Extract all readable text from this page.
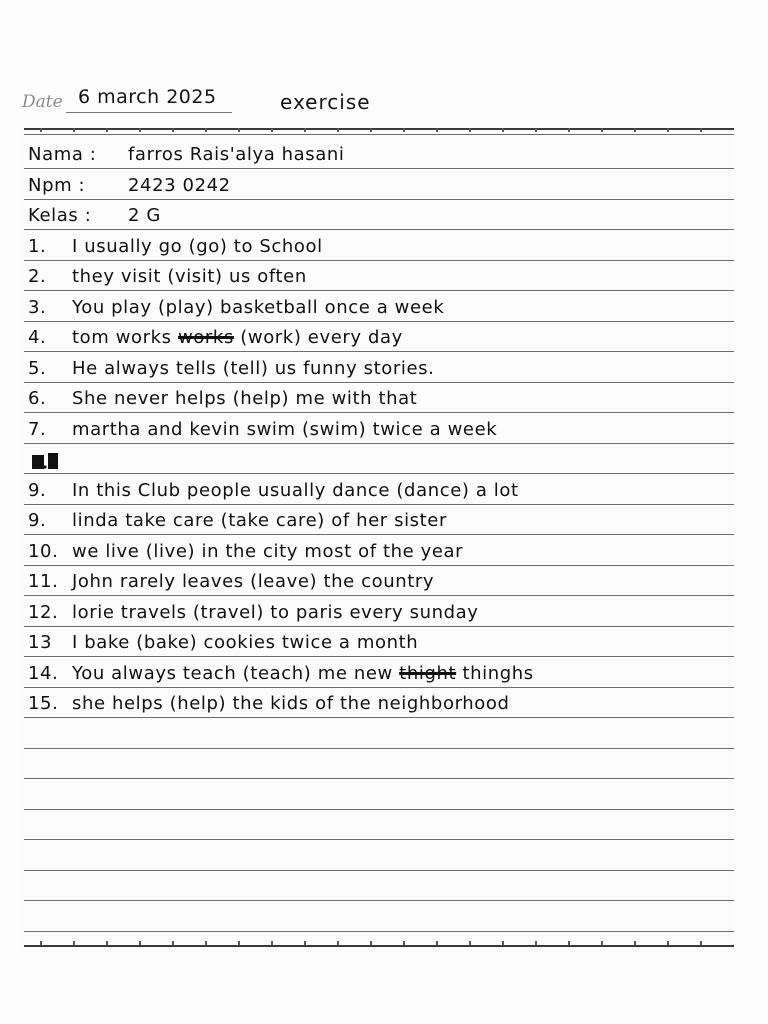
Date 6 march 2025	exercise
Nama : farros Rais'alya hasani
Npm : 2423 0242
Kelas : 2 G
1. I usually go (go) to School
2. they visit (visit) us often
3. You play (play) basketball once a week
4. tom works works (work) every day
5. He always tells (tell) us funny stories.
6. She never helps (help) me with that
7. martha and kevin swim (swim) twice a week
9. In this Club people usually dance (dance) a lot
9. linda take care (take care) of her sister
10. we live (live) in the city most of the year
11. John rarely leaves (leave) the country
12. lorie travels (travel) to paris every sunday
13 I bake (bake) cookies twice a month
14. You always teach (teach) me new thight thinghs
15. she helps (help) the kids of the neighborhood
